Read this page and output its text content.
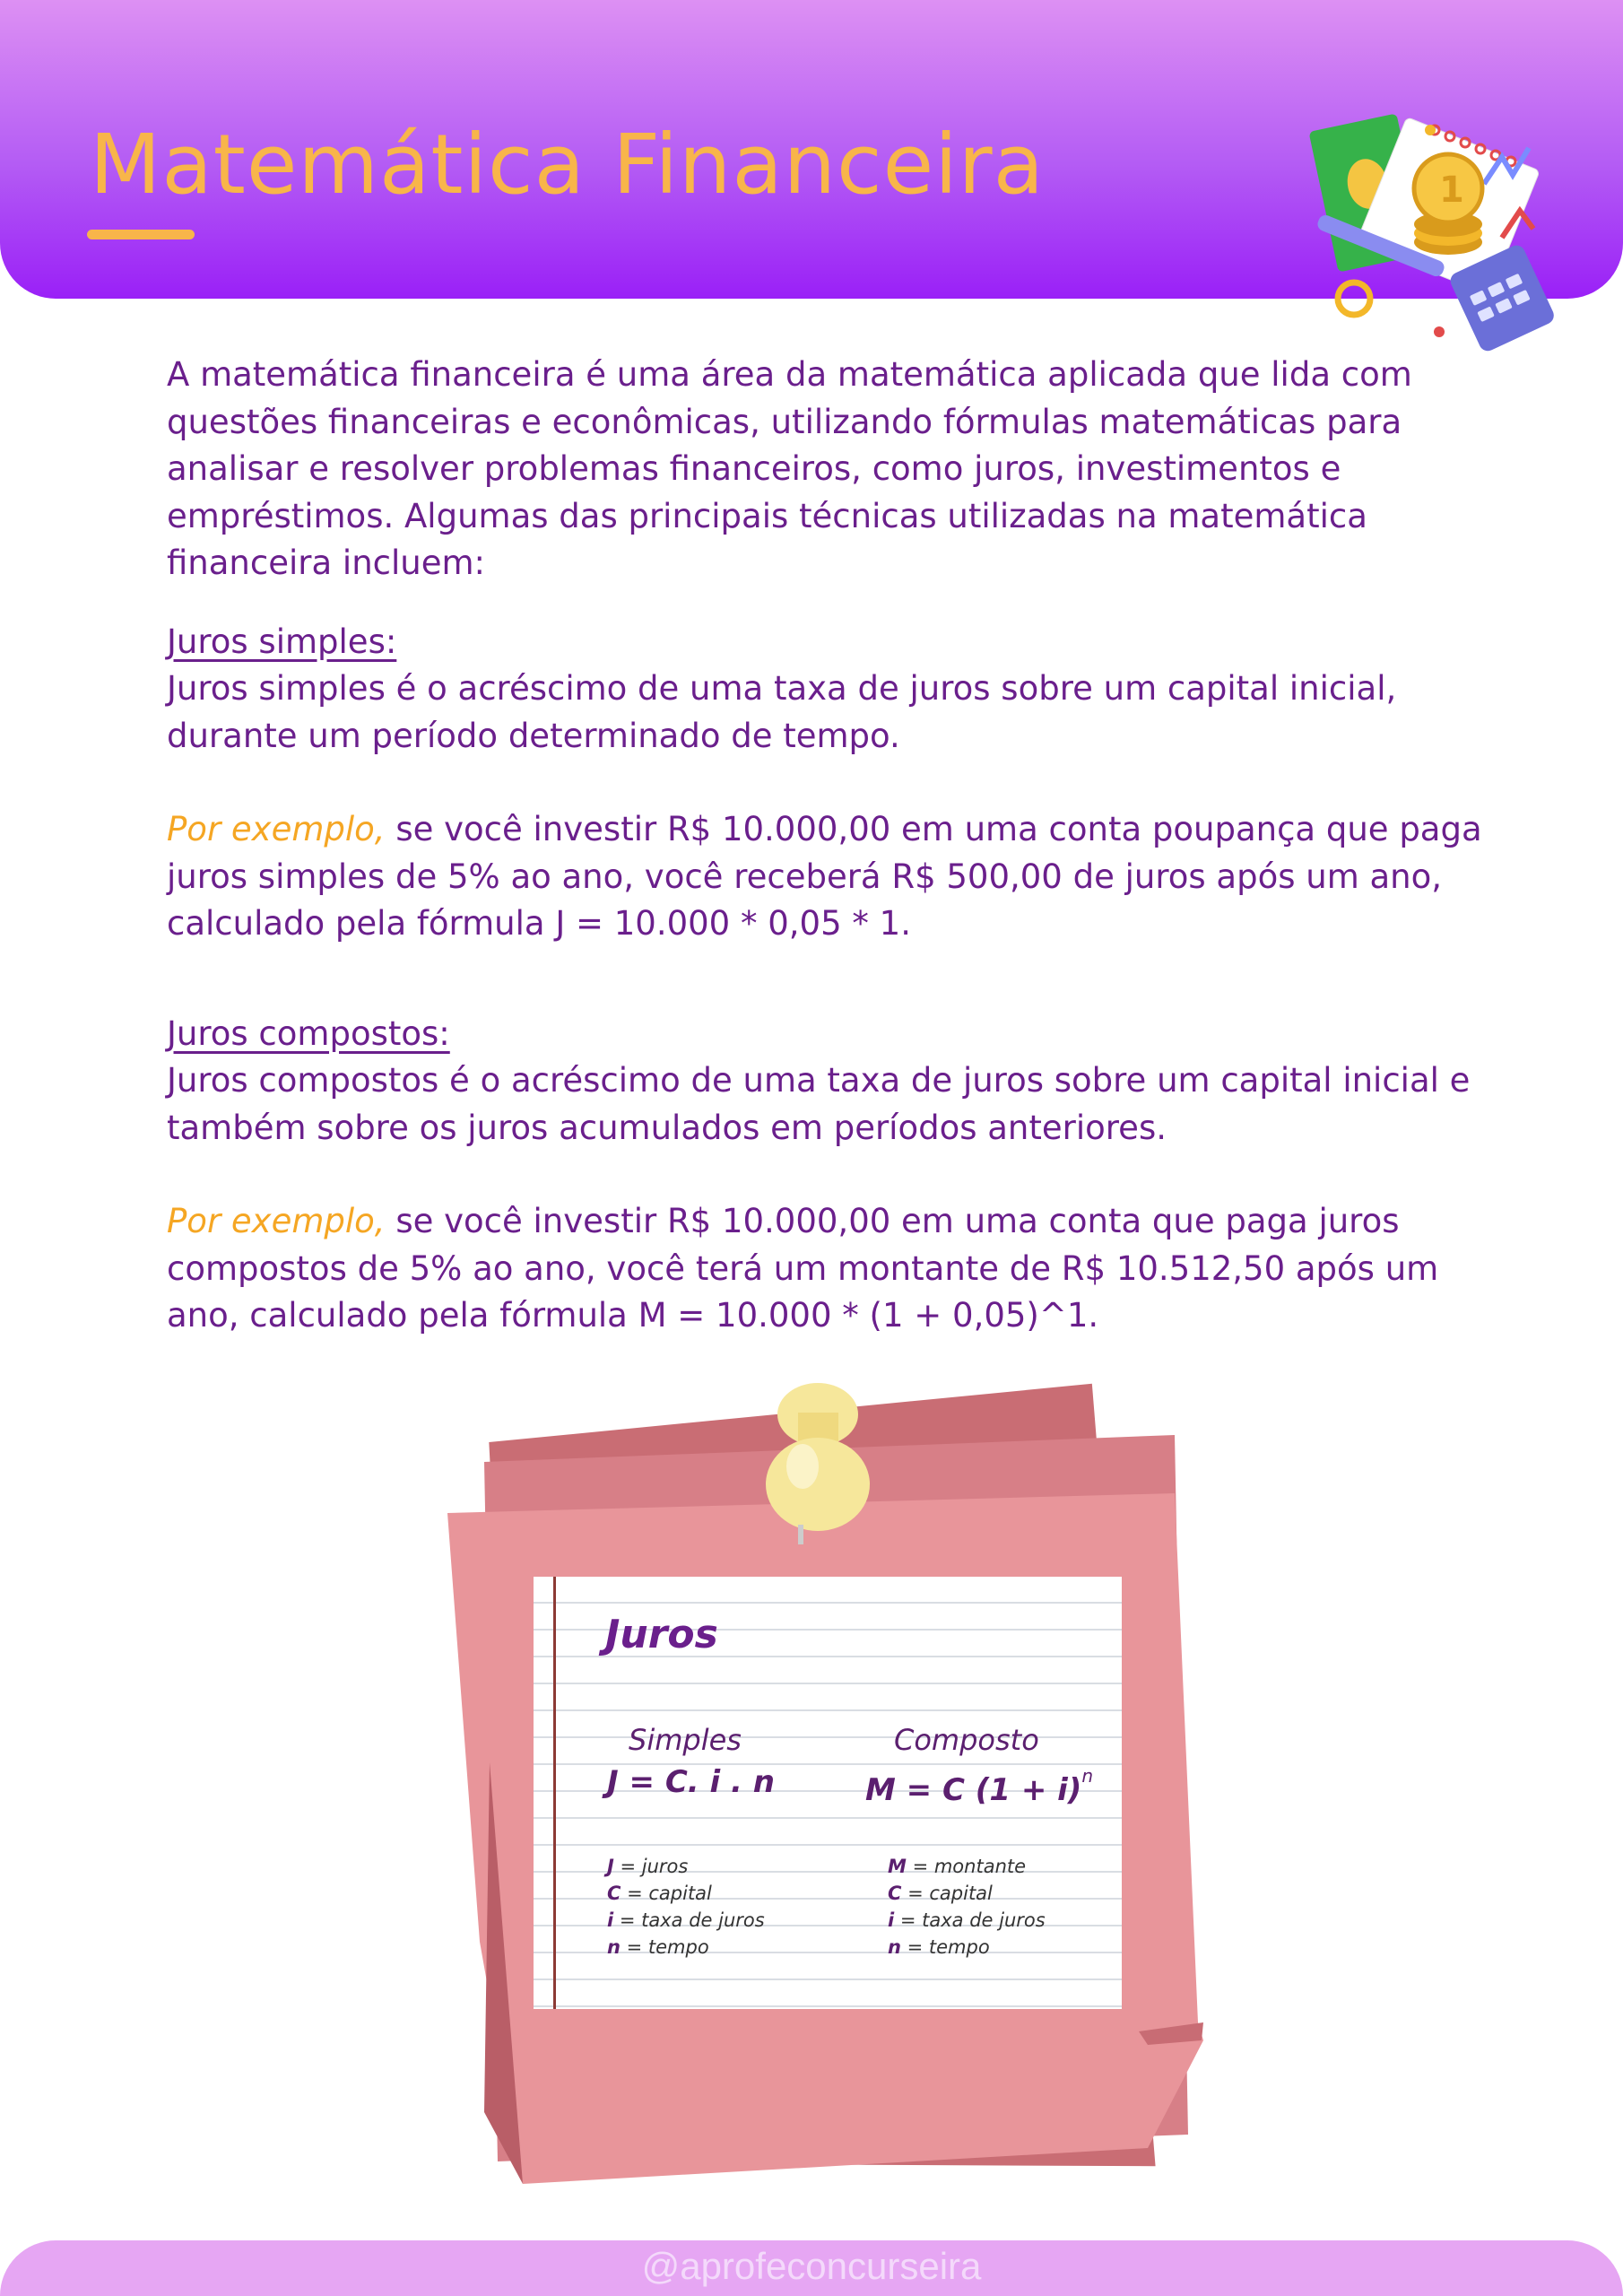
Matemática Financeira	1

A matemática financeira é uma área da matemática aplicada que lida com questões financeiras e econômicas, utilizando fórmulas matemáticas para analisar e resolver problemas financeiros, como juros, investimentos e empréstimos. Algumas das principais técnicas utilizadas na matemática financeira incluem:

Juros simples:

Juros simples é o acréscimo de uma taxa de juros sobre um capital inicial, durante um período determinado de tempo.

Por exemplo, se você investir R$ 10.000,00 em uma conta poupança que paga juros simples de 5% ao ano, você receberá R$ 500,00 de juros após um ano, calculado pela fórmula J = 10.000 * 0,05 * 1.

Juros compostos:

Juros compostos é o acréscimo de uma taxa de juros sobre um capital inicial e também sobre os juros acumulados em períodos anteriores.

Por exemplo, se você investir R$ 10.000,00 em uma conta que paga juros compostos de 5% ao ano, você terá um montante de R$ 10.512,50 após um ano, calculado pela fórmula M = 10.000 * (1 + 0,05)^1.

Juros

Simples

J = C. i . n

Composto

M = C $(1 + i)^n$

J = juros
C = capital
i = taxa de juros
n = tempo
M = montante
C = capital
i = taxa de juros
n = tempo
@aprofeconcurseira
